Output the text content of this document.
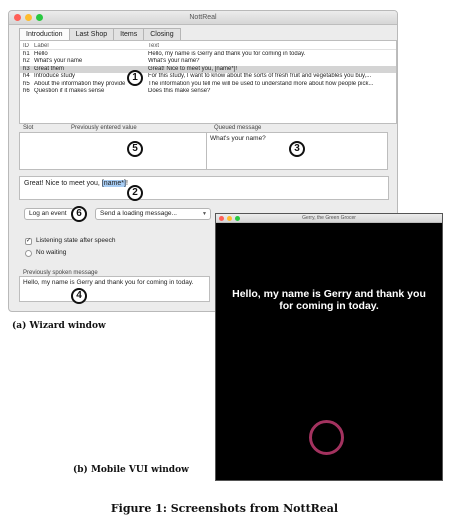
NottReal
Introduction	Last Shop	Items	Closing
ID Label	Text
h1 Hello	Hello, my name is Gerry and thank you for coming in today.
h2 What's your name	What's your name?
h3 Great them	Great! Nice to meet you, [name*]!
h4 Introduce study	For this study, I want to know about the sorts of fresh fruit and vegetables you buy,...
h5 About the information they provide	The information you tell me will be used to understand more about how people pick...
h6 Question if it makes sense	Does this make sense?
1
Slot	Previously entered value
5
Queued message
What's your name?
3
Great! Nice to meet you, [name*]!
2
Log an event 6	Send a loading message...	▼
✓ Listening state after speech
No waiting
Previously spoken message
Hello, my name is Gerry and thank you for coming in today.
4
(a) Wizard window
Gerry, the Green Grocer
Hello, my name is Gerry and thank you for coming in today.
(b) Mobile VUI window
Figure 1: Screenshots from NottReal
